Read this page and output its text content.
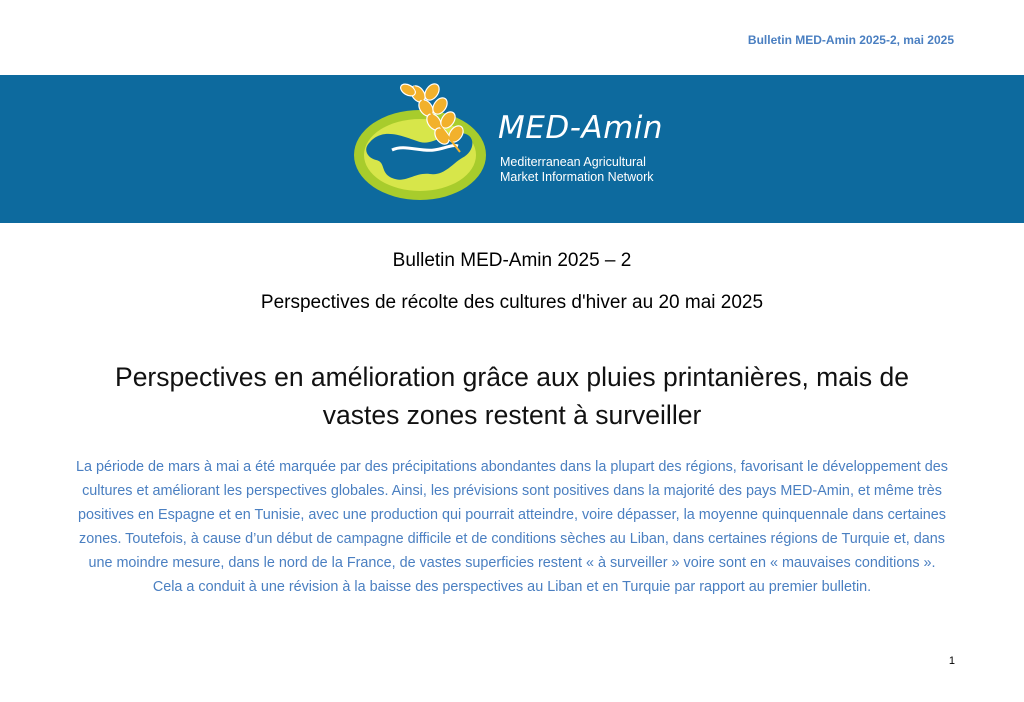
Bulletin MED-Amin 2025-2, mai 2025
MED-Amin
Mediterranean Agricultural
Market Information Network
Bulletin MED-Amin 2025 – 2
Perspectives de récolte des cultures d'hiver au 20 mai 2025
Perspectives en amélioration grâce aux pluies printanières, mais de vastes zones restent à surveiller
La période de mars à mai a été marquée par des précipitations abondantes dans la plupart des régions, favorisant le développement des cultures et améliorant les perspectives globales. Ainsi, les prévisions sont positives dans la majorité des pays MED-Amin, et même très positives en Espagne et en Tunisie, avec une production qui pourrait atteindre, voire dépasser, la moyenne quinquennale dans certaines zones. Toutefois, à cause d’un début de campagne difficile et de conditions sèches au Liban, dans certaines régions de Turquie et, dans une moindre mesure, dans le nord de la France, de vastes superficies restent « à surveiller » voire sont en « mauvaises conditions ». Cela a conduit à une révision à la baisse des perspectives au Liban et en Turquie par rapport au premier bulletin.
1
